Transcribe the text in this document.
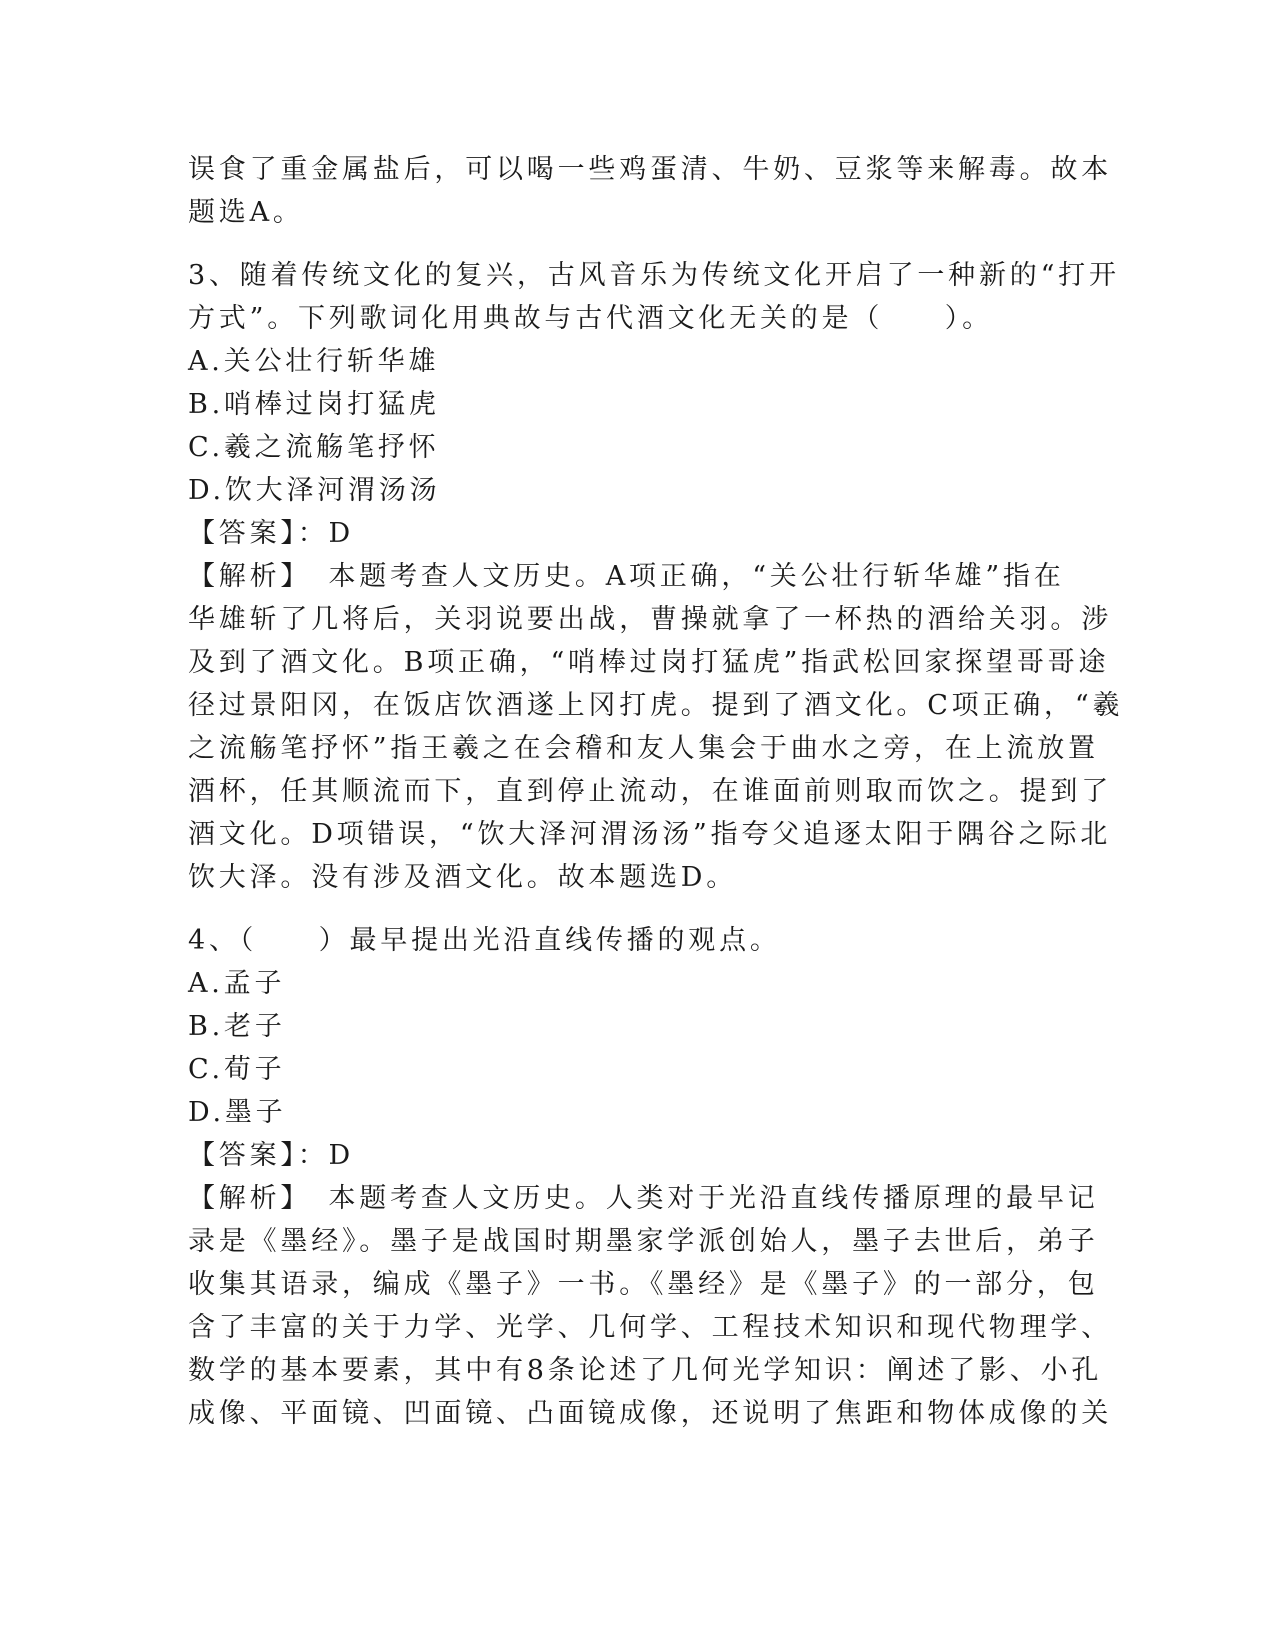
误食了重金属盐后，可以喝一些鸡蛋清、牛奶、豆浆等来解毒。故本
题选A。
3、随着传统文化的复兴，古风音乐为传统文化开启了一种新的“打开
方式”。下列歌词化用典故与古代酒文化无关的是（　　）。
A.关公壮行斩华雄
B.哨棒过岗打猛虎
C.羲之流觞笔抒怀
D.饮大泽河渭汤汤
【答案】：D
【解析】　本题考查人文历史。A项正确，“关公壮行斩华雄”指在
华雄斩了几将后，关羽说要出战，曹操就拿了一杯热的酒给关羽。涉
及到了酒文化。B项正确，“哨棒过岗打猛虎”指武松回家探望哥哥途
径过景阳冈，在饭店饮酒遂上冈打虎。提到了酒文化。C项正确，“羲
之流觞笔抒怀”指王羲之在会稽和友人集会于曲水之旁，在上流放置
酒杯，任其顺流而下，直到停止流动，在谁面前则取而饮之。提到了
酒文化。D项错误，“饮大泽河渭汤汤”指夸父追逐太阳于隅谷之际北
饮大泽。没有涉及酒文化。故本题选D。
4、（　　）最早提出光沿直线传播的观点。
A.孟子
B.老子
C.荀子
D.墨子
【答案】：D
【解析】　本题考查人文历史。人类对于光沿直线传播原理的最早记
录是《墨经》。墨子是战国时期墨家学派创始人，墨子去世后，弟子
收集其语录，编成《墨子》一书。《墨经》是《墨子》的一部分，包
含了丰富的关于力学、光学、几何学、工程技术知识和现代物理学、
数学的基本要素，其中有8条论述了几何光学知识：阐述了影、小孔
成像、平面镜、凹面镜、凸面镜成像，还说明了焦距和物体成像的关
